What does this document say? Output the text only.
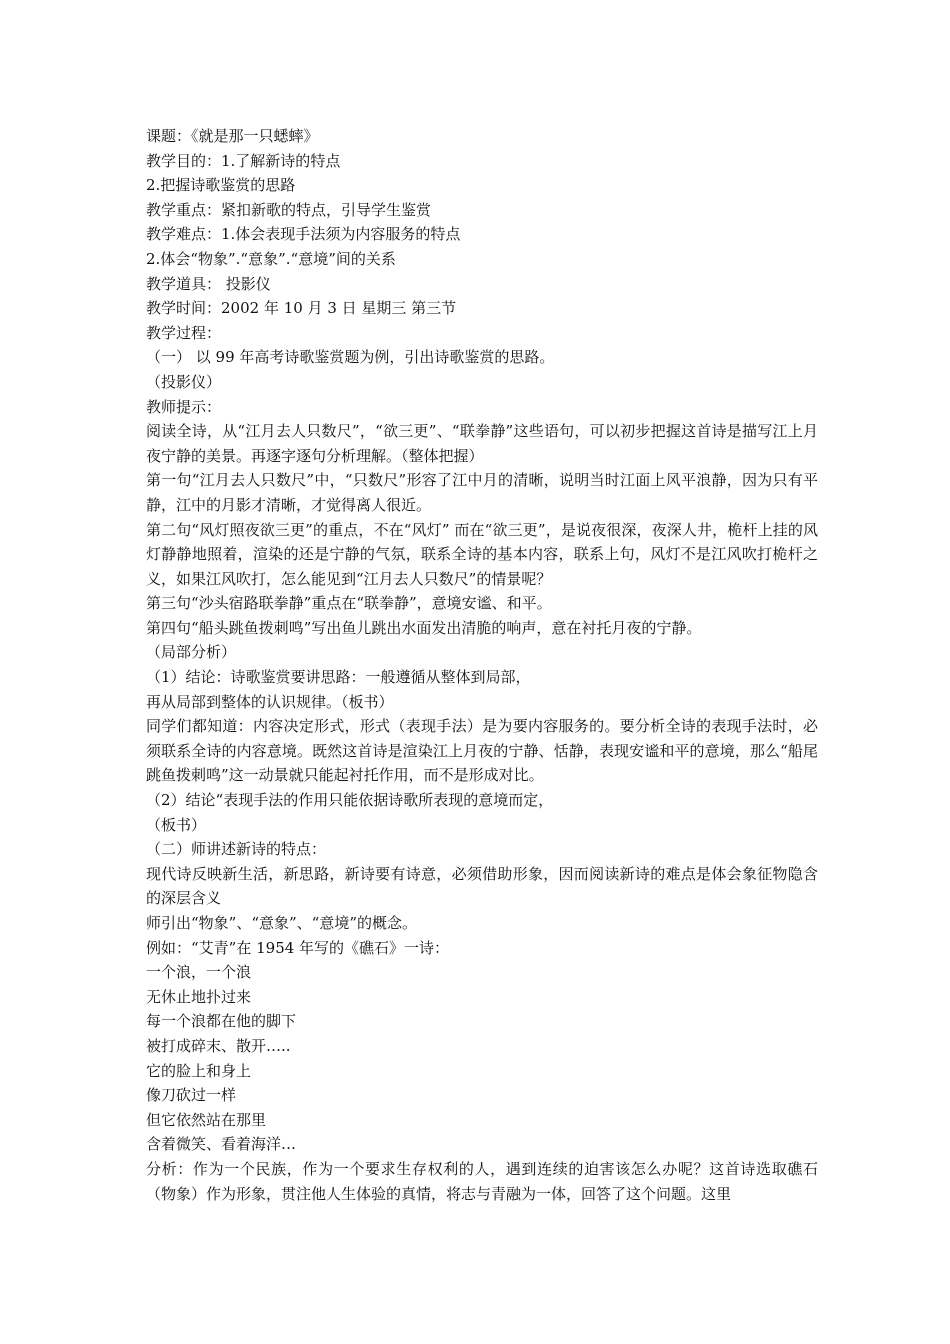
课题：《就是那一只蟋蟀》
教学目的：1.了解新诗的特点
2.把握诗歌鉴赏的思路
教学重点：紧扣新歌的特点，引导学生鉴赏
教学难点：1.体会表现手法须为内容服务的特点
2.体会“物象”.“意象”.“意境”间的关系
教学道具： 投影仪
教学时间：2002 年 10 月 3 日 星期三 第三节
教学过程：
（一） 以 99 年高考诗歌鉴赏题为例，引出诗歌鉴赏的思路。
（投影仪）
教师提示：
阅读全诗，从“江月去人只数尺”，“欲三更”、“联拳静”这些语句，可以初步把握这首诗是描写江上月夜宁静的美景。再逐字逐句分析理解。（整体把握）
第一句“江月去人只数尺”中，“只数尺”形容了江中月的清晰，说明当时江面上风平浪静，因为只有平静，江中的月影才清晰，才觉得离人很近。
第二句“风灯照夜欲三更”的重点，不在“风灯” 而在“欲三更”，是说夜很深，夜深人井，桅杆上挂的风灯静静地照着，渲染的还是宁静的气氛，联系全诗的基本内容，联系上句，风灯不是江风吹打桅杆之义，如果江风吹打，怎么能见到“江月去人只数尺”的情景呢？
第三句“沙头宿路联拳静”重点在“联拳静”，意境安谧、和平。
第四句“船头跳鱼拨刺鸣”写出鱼儿跳出水面发出清脆的响声，意在衬托月夜的宁静。
（局部分析）
（1）结论：诗歌鉴赏要讲思路：一般遵循从整体到局部，
再从局部到整体的认识规律。（板书）
同学们都知道：内容决定形式，形式（表现手法）是为要内容服务的。要分析全诗的表现手法时，必须联系全诗的内容意境。既然这首诗是渲染江上月夜的宁静、恬静，表现安谧和平的意境，那么“船尾跳鱼拨刺鸣”这一动景就只能起衬托作用，而不是形成对比。
（2）结论“表现手法的作用只能依据诗歌所表现的意境而定，
（板书）
（二）师讲述新诗的特点：
现代诗反映新生活，新思路，新诗要有诗意，必须借助形象，因而阅读新诗的难点是体会象征物隐含的深层含义
师引出“物象”、“意象”、“意境”的概念。
例如：“艾青”在 1954 年写的《礁石》一诗：
一个浪，一个浪
无休止地扑过来
每一个浪都在他的脚下
被打成碎末、散开…..
它的脸上和身上
像刀砍过一样
但它依然站在那里
含着微笑、看着海洋…
分析：作为一个民族，作为一个要求生存权利的人，遇到连续的迫害该怎么办呢？这首诗选取礁石（物象）作为形象，贯注他人生体验的真情，将志与青融为一体，回答了这个问题。这里
